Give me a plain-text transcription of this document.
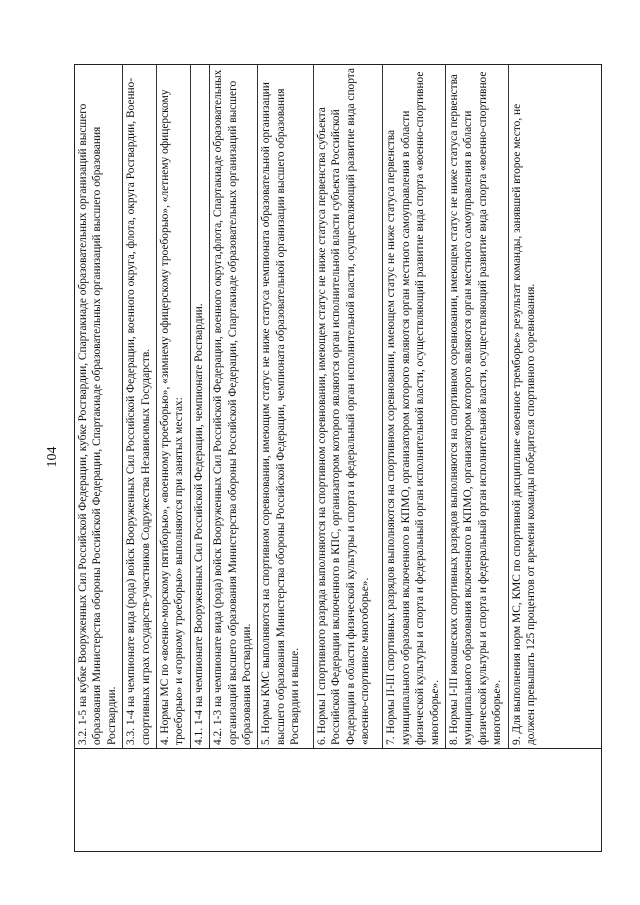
104 3.2. 1-5 на кубке Вооруженных Сил Российской Федерации, кубке Росгвардии, Спартакиаде образовательных организаций высшего образования Министерства обороны Российской Федерации, Спартакиаде образовательных организаций высшего образования Росгвардии. 3.3. 1-4 на чемпионате вида (рода) войск Вооруженных Сил Российской Федерации, военного округа, флота, округа Росгвардии, Военно-спортивных играх государств-участников Содружества Независимых Государств. 4. Нормы МС по «военно-морскому пятиборью», «военному троеборью», «зимнему офицерскому троеборью», «летнему офицерскому троеборью» и «горному троеборью» выполняются при занятых местах: 4.1. 1-4 на чемпионате Вооруженных Сил Российской Федерации, чемпионате Росгвардии. 4.2. 1-3 на чемпионате вида (рода) войск Вооруженных Сил Российской Федерации, военного округа,флота, Спартакиаде образовательных организаций высшего образования Министерства обороны Российской Федерации, Спартакиаде образовательных организаций высшего образования Росгвардии. 5. Нормы КМС выполняются на спортивном соревновании, имеющим статус не ниже статуса чемпионата образовательной организации высшего образования Министерства обороны Российской Федерации, чемпионата образовательной организации высшего образования Росгвардии и выше.	6. Нормы I спортивного разряда выполняются на спортивном соревновании, имеющем статус не ниже статуса первенства субъекта Российской Федерации включенного в КПС, организатором которого являются орган исполнительной власти субъекта Российской Федерации в области физической культуры и спорта и федеральный орган исполнительной власти, осуществляющий развитие вида спорта «военно-спортивное многоборье».	7. Нормы II-III спортивных разрядов выполняются на спортивном соревновании, имеющем статус не ниже статуса первенства муниципального образования включенного в КПМО, организатором которого являются орган местного самоуправления в области физической культуры и спорта и федеральный орган исполнительной власти, осуществляющий развитие вида спорта «военно-спортивное многоборье». 8. Нормы I-III юношеских спортивных разрядов выполняются на спортивном соревновании, имеющем статус не ниже статуса первенства муниципального образования включенного в КПМО, организатором которого являются орган местного самоуправления в области физической культуры и спорта и федеральный орган исполнительной власти, осуществляющий развитие вида спорта «военно-спортивное многоборье». 9. Для выполнения норм МС, КМС по спортивной дисциплине «военное тремборье» результат команды, занявшей второе место, не должен превышать 125 процентов от времени команды победителя спортивного соревнования.
